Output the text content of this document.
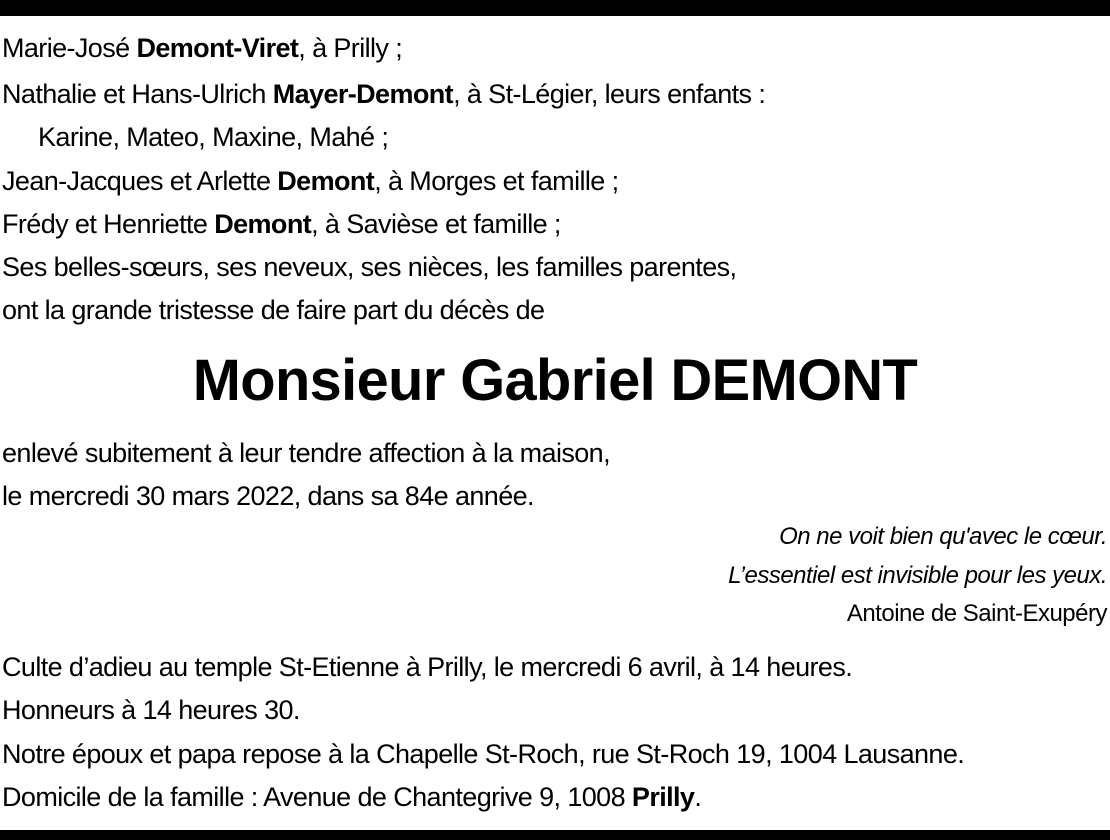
Marie-José Demont-Viret, à Prilly ;
Nathalie et Hans-Ulrich Mayer-Demont, à St-Légier, leurs enfants :
Karine, Mateo, Maxine, Mahé ;
Jean-Jacques et Arlette Demont, à Morges et famille ;
Frédy et Henriette Demont, à Savièse et famille ;
Ses belles-sœurs, ses neveux, ses nièces, les familles parentes,
ont la grande tristesse de faire part du décès de
Monsieur Gabriel DEMONT
enlevé subitement à leur tendre affection à la maison,
le mercredi 30 mars 2022, dans sa 84e année.
On ne voit bien qu'avec le cœur.
L’essentiel est invisible pour les yeux.
Antoine de Saint-Exupéry
Culte d’adieu au temple St-Etienne à Prilly, le mercredi 6 avril, à 14 heures.
Honneurs à 14 heures 30.
Notre époux et papa repose à la Chapelle St-Roch, rue St-Roch 19, 1004 Lausanne.
Domicile de la famille : Avenue de Chantegrive 9, 1008 Prilly.
